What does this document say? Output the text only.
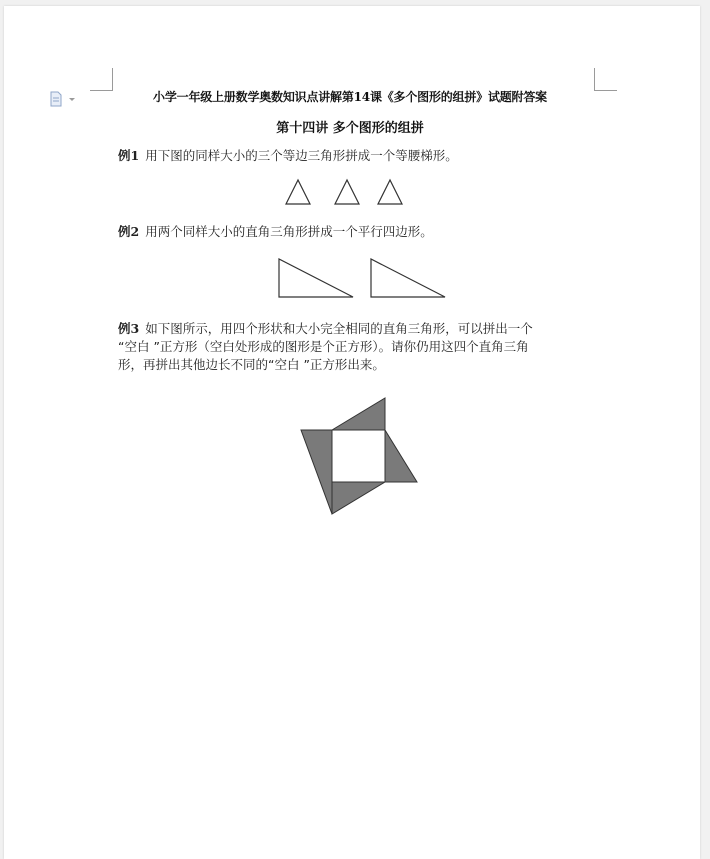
小学一年级上册数学奥数知识点讲解第14课《多个图形的组拼》试题附答案
第十四讲 多个图形的组拼
例1 用下图的同样大小的三个等边三角形拼成一个等腰梯形。
例2 用两个同样大小的直角三角形拼成一个平行四边形。
例3 如下图所示，用四个形状和大小完全相同的直角三角形，可以拼出一个
“空白 ”正方形（空白处形成的图形是个正方形）。请你仍用这四个直角三角
形，再拼出其他边长不同的“空白 ”正方形出来。
